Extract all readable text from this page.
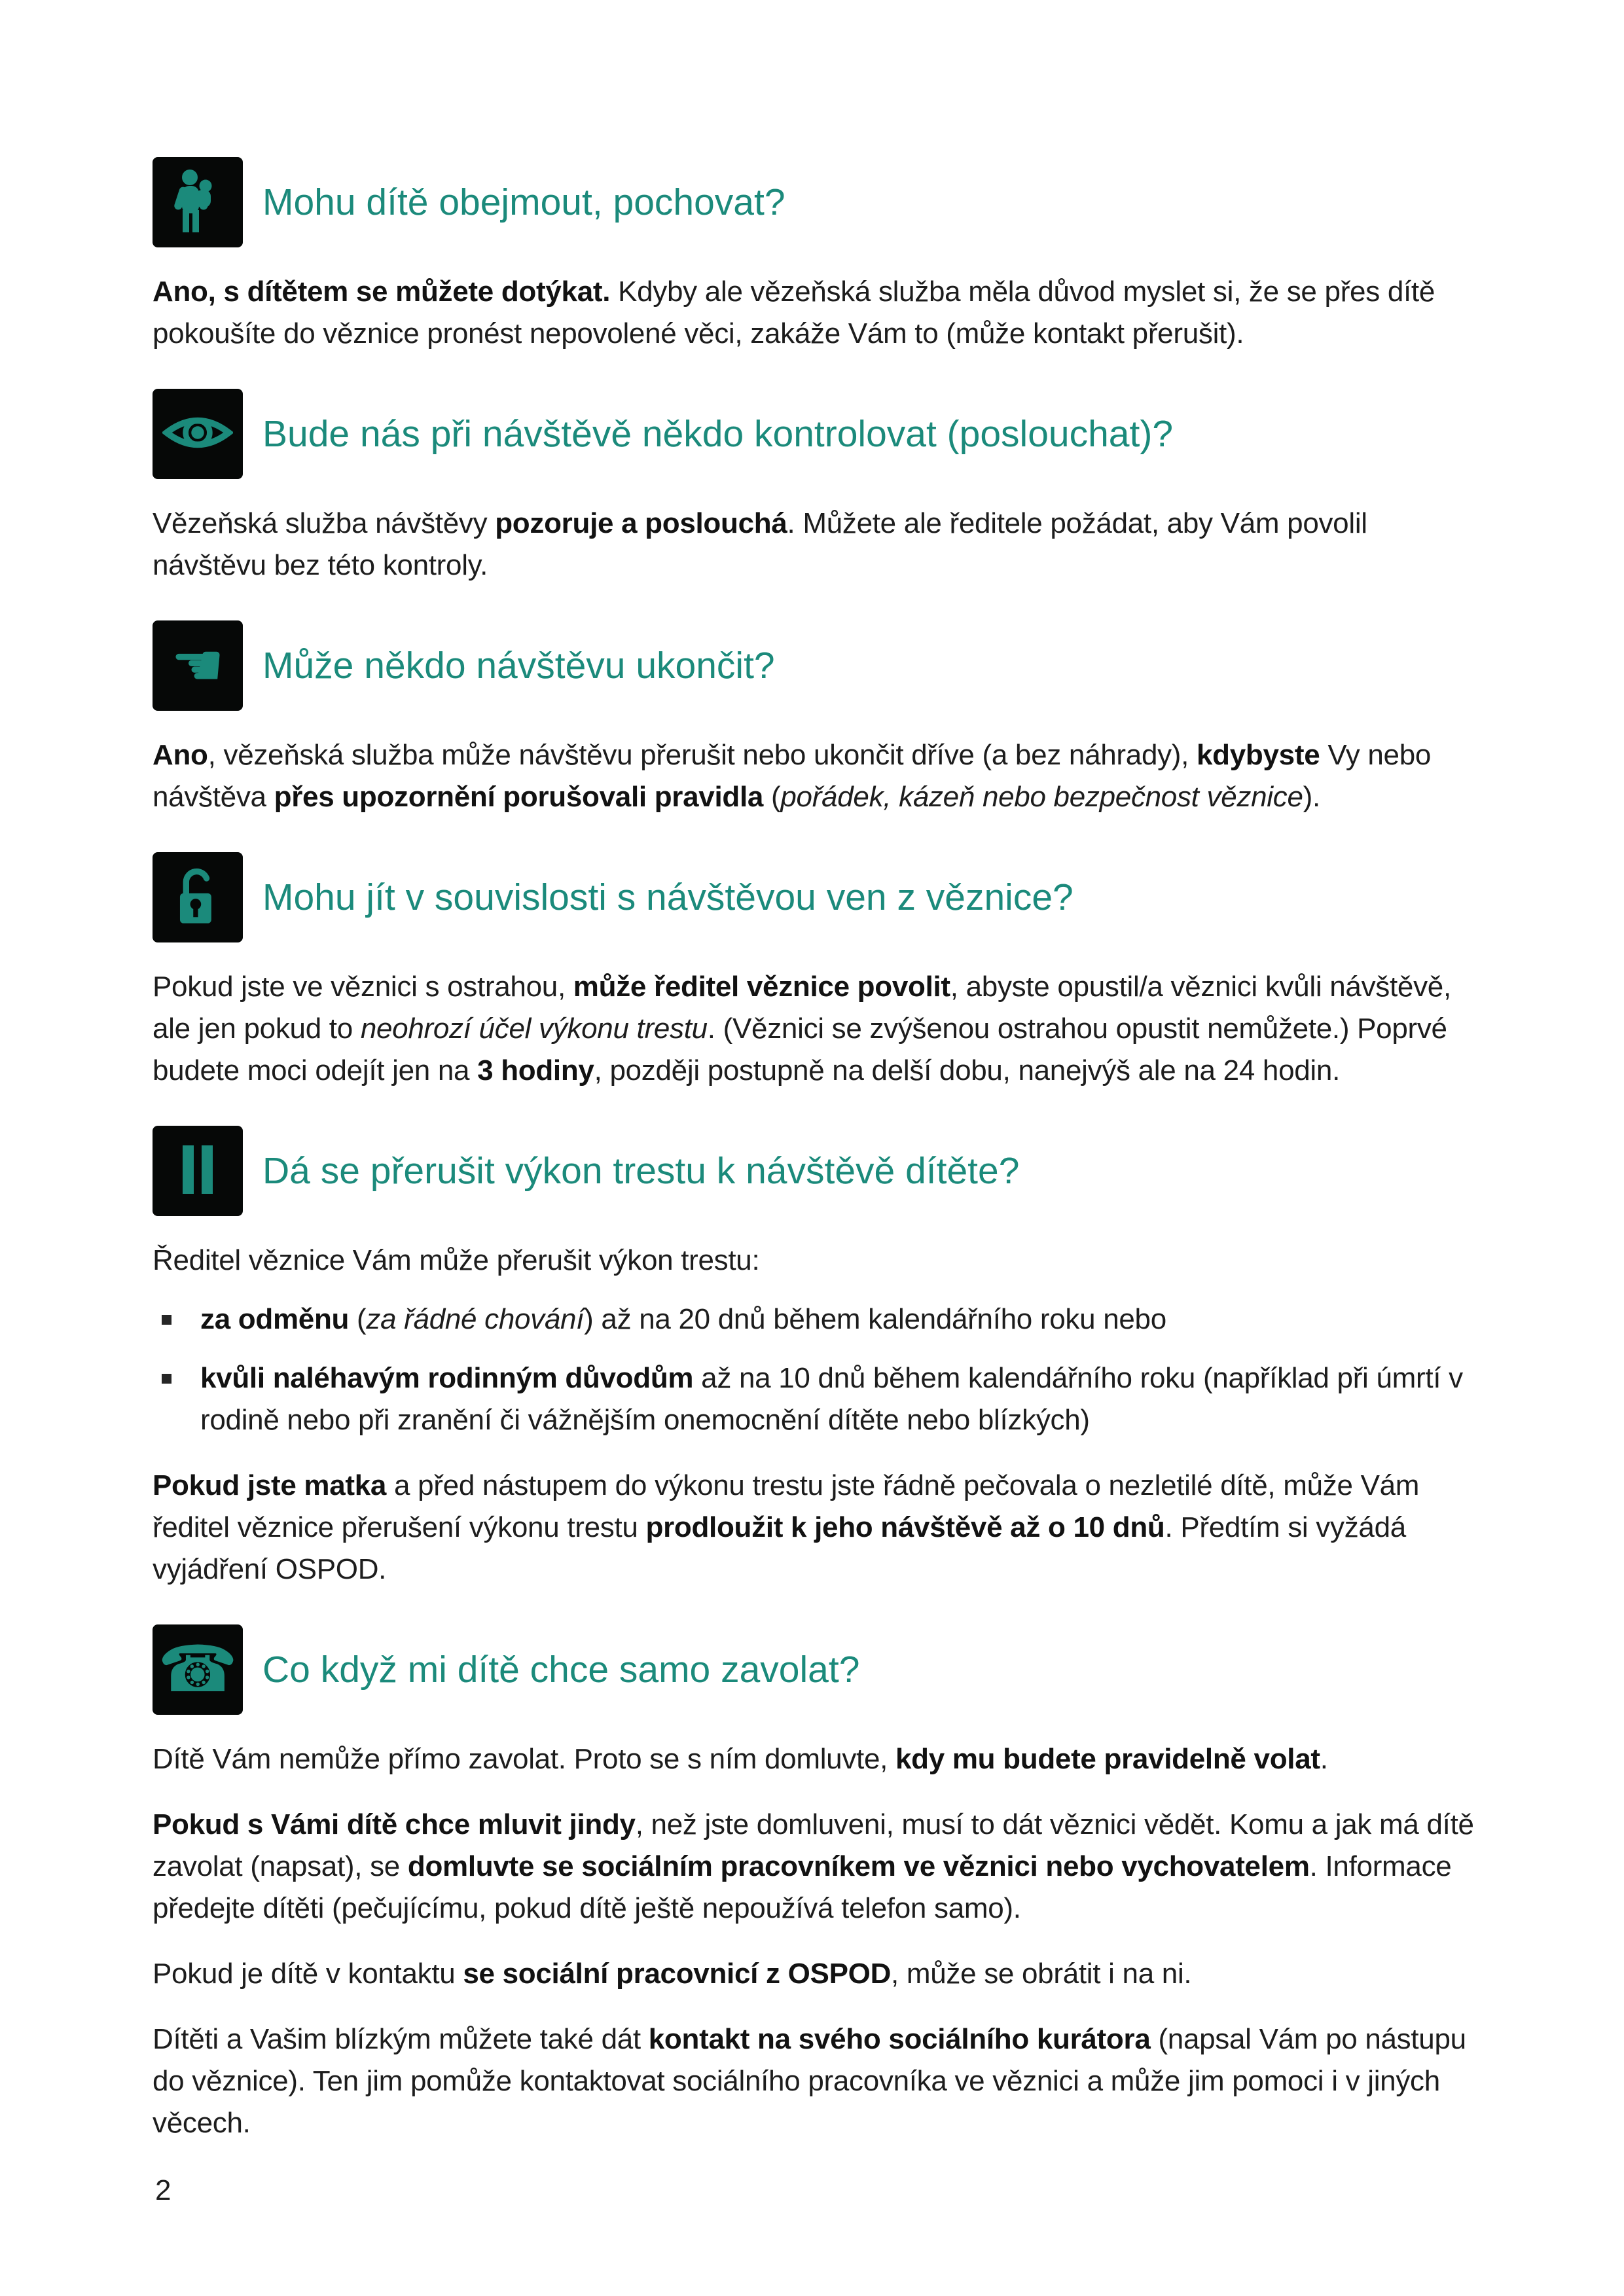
Mohu dítě obejmout, pochovat?

Ano, s dítětem se můžete dotýkat. Kdyby ale vězeňská služba měla důvod myslet si, že se přes dítě pokoušíte do věznice pronést nepovolené věci, zakáže Vám to (může kontakt přerušit).

Bude nás při návštěvě někdo kontrolovat (poslouchat)?

Vězeňská služba návštěvy pozoruje a poslouchá. Můžete ale ředitele požádat, aby Vám povolil návštěvu bez této kontroly.

☚ Může někdo návštěvu ukončit?

Ano, vězeňská služba může návštěvu přerušit nebo ukončit dříve (a bez náhrady), kdybyste Vy nebo návštěva přes upozornění porušovali pravidla (pořádek, kázeň nebo bezpečnost věznice).

Mohu jít v souvislosti s návštěvou ven z věznice?

Pokud jste ve věznici s ostrahou, může ředitel věznice povolit, abyste opustil/a věznici kvůli návštěvě, ale jen pokud to neohrozí účel výkonu trestu. (Věznici se zvýšenou ostrahou opustit nemůžete.) Poprvé budete moci odejít jen na 3 hodiny, později postupně na delší dobu, nanejvýš ale na 24 hodin.

Dá se přerušit výkon trestu k návštěvě dítěte?

Ředitel věznice Vám může přerušit výkon trestu:

za odměnu (za řádné chování) až na 20 dnů během kalendářního roku nebo
kvůli naléhavým rodinným důvodům až na 10 dnů během kalendářního roku (například při úmrtí v rodině nebo při zranění či vážnějším onemocnění dítěte nebo blízkých)

Pokud jste matka a před nástupem do výkonu trestu jste řádně pečovala o nezletilé dítě, může Vám ředitel věznice přerušení výkonu trestu prodloužit k jeho návštěvě až o 10 dnů. Předtím si vyžádá vyjádření OSPOD.

☎ Co když mi dítě chce samo zavolat?

Dítě Vám nemůže přímo zavolat. Proto se s ním domluvte, kdy mu budete pravidelně volat.

Pokud s Vámi dítě chce mluvit jindy, než jste domluveni, musí to dát věznici vědět. Komu a jak má dítě zavolat (napsat), se domluvte se sociálním pracovníkem ve věznici nebo vychovatelem. Informace předejte dítěti (pečujícímu, pokud dítě ještě nepoužívá telefon samo).

Pokud je dítě v kontaktu se sociální pracovnicí z OSPOD, může se obrátit i na ni.

Dítěti a Vašim blízkým můžete také dát kontakt na svého sociálního kurátora (napsal Vám po nástupu do věznice). Ten jim pomůže kontaktovat sociálního pracovníka ve věznici a může jim pomoci i v jiných věcech.

2
